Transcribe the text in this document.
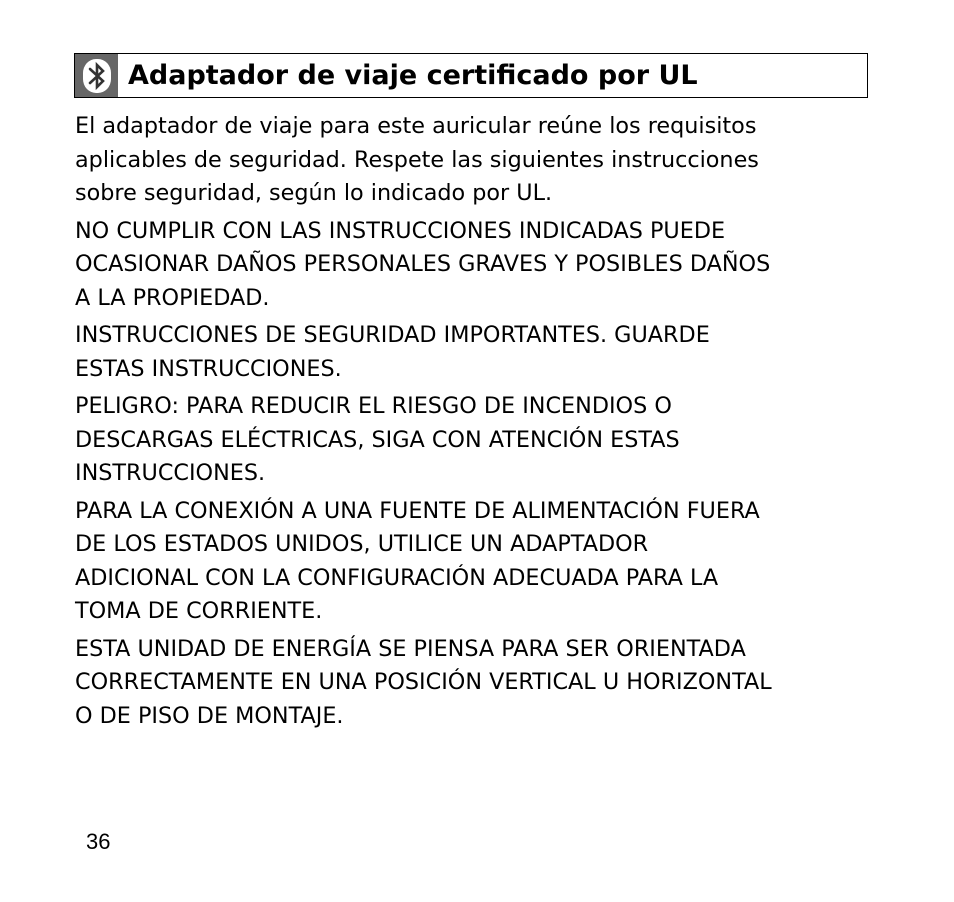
Adaptador de viaje certificado por UL

El adaptador de viaje para este auricular reúne los requisitos
aplicables de seguridad. Respete las siguientes instrucciones
sobre seguridad, según lo indicado por UL.

NO CUMPLIR CON LAS INSTRUCCIONES INDICADAS PUEDE
OCASIONAR DAÑOS PERSONALES GRAVES Y POSIBLES DAÑOS
A LA PROPIEDAD.

INSTRUCCIONES DE SEGURIDAD IMPORTANTES. GUARDE
ESTAS INSTRUCCIONES.

PELIGRO: PARA REDUCIR EL RIESGO DE INCENDIOS O
DESCARGAS ELÉCTRICAS, SIGA CON ATENCIÓN ESTAS
INSTRUCCIONES.

PARA LA CONEXIÓN A UNA FUENTE DE ALIMENTACIÓN FUERA
DE LOS ESTADOS UNIDOS, UTILICE UN ADAPTADOR
ADICIONAL CON LA CONFIGURACIÓN ADECUADA PARA LA
TOMA DE CORRIENTE.

ESTA UNIDAD DE ENERGÍA SE PIENSA PARA SER ORIENTADA
CORRECTAMENTE EN UNA POSICIÓN VERTICAL U HORIZONTAL
O DE PISO DE MONTAJE.

36
